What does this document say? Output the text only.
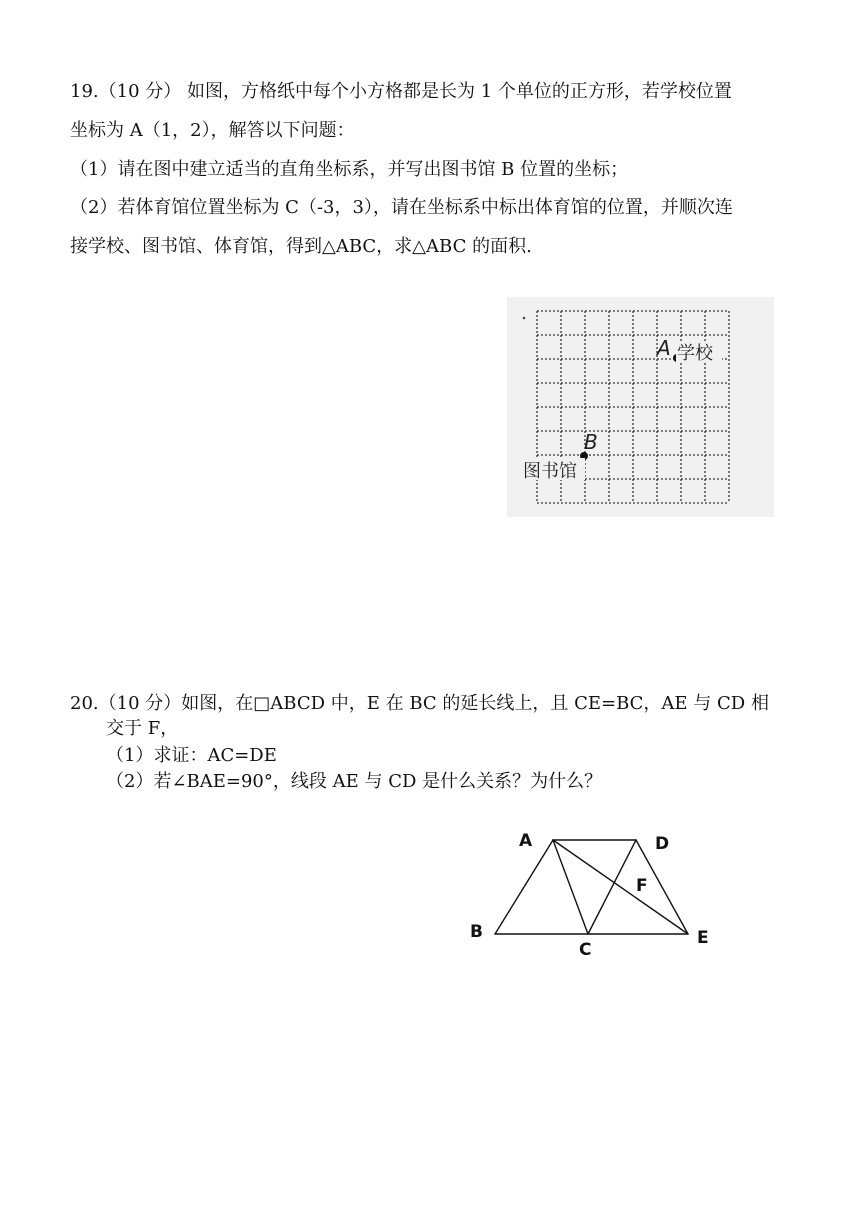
19.（10 分） 如图，方格纸中每个小方格都是长为 1 个单位的正方形，若学校位置
坐标为 A（1，2），解答以下问题：
（1）请在图中建立适当的直角坐标系，并写出图书馆 B 位置的坐标；
（2）若体育馆位置坐标为 C（-3，3），请在坐标系中标出体育馆的位置，并顺次连
接学校、图书馆、体育馆，得到△ABC，求△ABC 的面积.
A 学校
B
图书馆
20.（10 分）如图，在□ABCD 中，E 在 BC 的延长线上，且 CE=BC，AE 与 CD 相
交于 F，
（1）求证：AC=DE
（2）若∠BAE=90°，线段 AE 与 CD 是什么关系？为什么？
A	D
F
B
C
E
